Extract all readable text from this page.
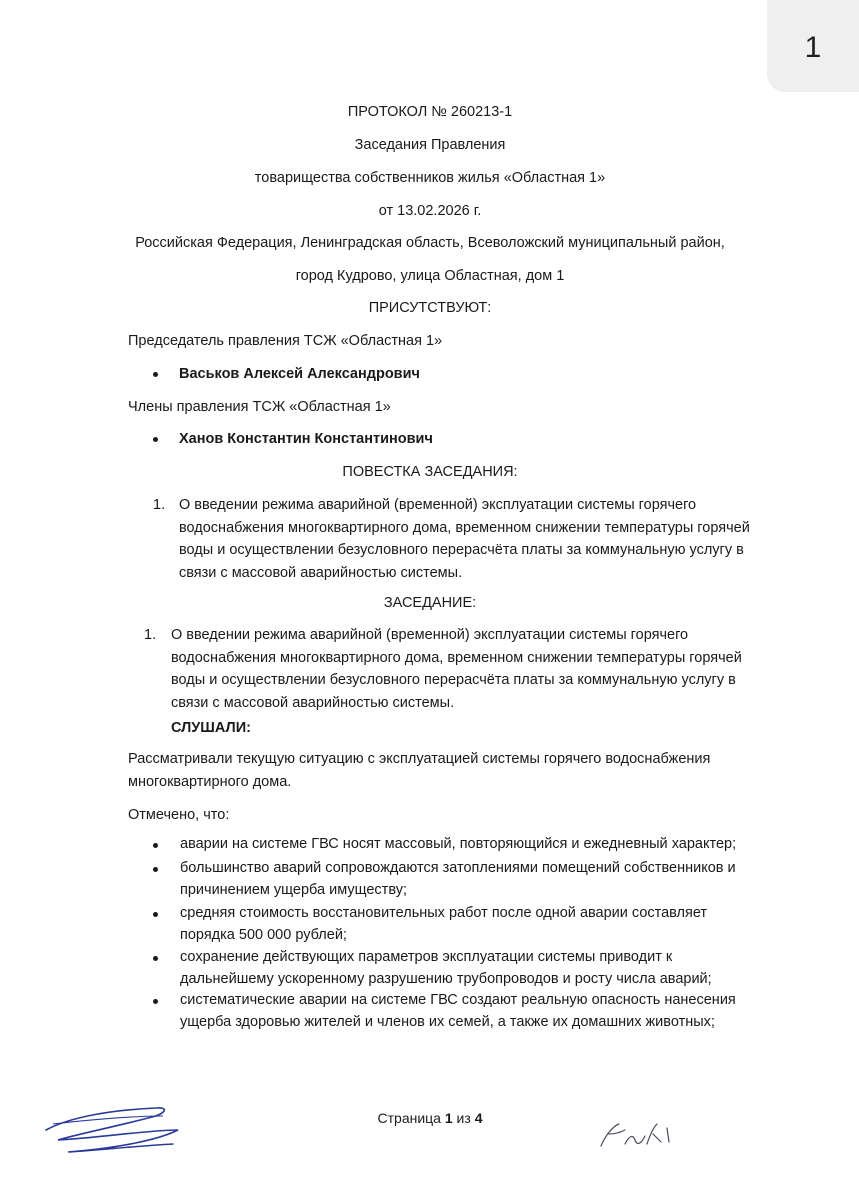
1
ПРОТОКОЛ № 260213-1
Заседания Правления
товарищества собственников жилья «Областная 1»
от 13.02.2026 г.
Российская Федерация, Ленинградская область, Всеволожский муниципальный район,
город Кудрово, улица Областная, дом 1
ПРИСУТСТВУЮТ:
Председатель правления ТСЖ «Областная 1»
Васьков Алексей Александрович
Члены правления ТСЖ «Областная 1»
Ханов Константин Константинович
ПОВЕСТКА ЗАСЕДАНИЯ:
1. О введении режима аварийной (временной) эксплуатации системы горячего водоснабжения многоквартирного дома, временном снижении температуры горячей воды и осуществлении безусловного перерасчёта платы за коммунальную услугу в связи с массовой аварийностью системы.
ЗАСЕДАНИЕ:
1. О введении режима аварийной (временной) эксплуатации системы горячего водоснабжения многоквартирного дома, временном снижении температуры горячей воды и осуществлении безусловного перерасчёта платы за коммунальную услугу в связи с массовой аварийностью системы.
СЛУШАЛИ:
Рассматривали текущую ситуацию с эксплуатацией системы горячего водоснабжения многоквартирного дома.
Отмечено, что:
аварии на системе ГВС носят массовый, повторяющийся и ежедневный характер;
большинство аварий сопровождаются затоплениями помещений собственников и причинением ущерба имуществу;
средняя стоимость восстановительных работ после одной аварии составляет порядка 500 000 рублей;
сохранение действующих параметров эксплуатации системы приводит к дальнейшему ускоренному разрушению трубопроводов и росту числа аварий;
систематические аварии на системе ГВС создают реальную опасность нанесения ущерба здоровью жителей и членов их семей, а также их домашних животных;
Страница 1 из 4
